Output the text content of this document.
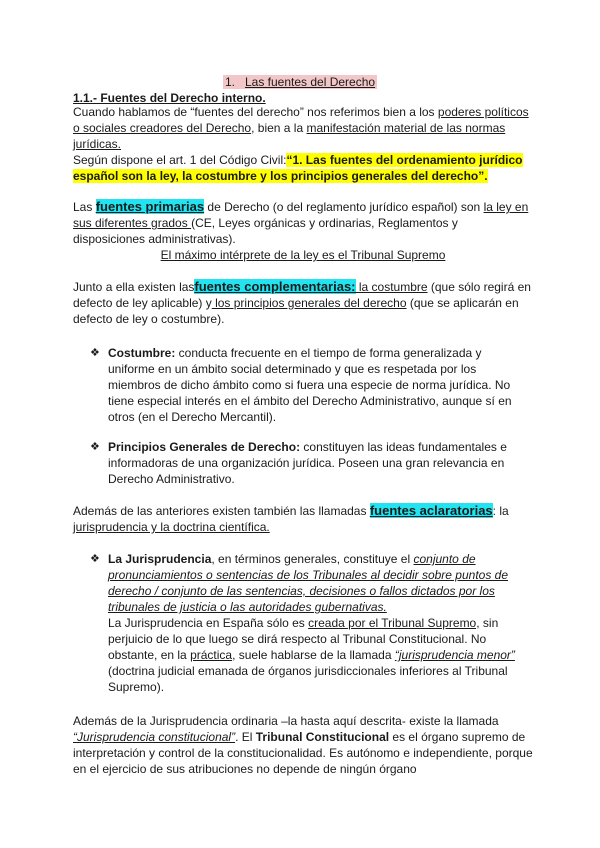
1. Las fuentes del Derecho
1.1.- Fuentes del Derecho interno.

Cuando hablamos de “fuentes del derecho” nos referimos bien a los poderes políticos o sociales creadores del Derecho, bien a la manifestación material de las normas jurídicas.

Según dispone el art. 1 del Código Civil:“1. Las fuentes del ordenamiento jurídico español son la ley, la costumbre y los principios generales del derecho”.

Las fuentes primarias de Derecho (o del reglamento jurídico español) son la ley en sus diferentes grados (CE, Leyes orgánicas y ordinarias, Reglamentos y disposiciones administrativas).

El máximo intérprete de la ley es el Tribunal Supremo

Junto a ella existen lasfuentes complementarias: la costumbre (que sólo regirá en defecto de ley aplicable) y los principios generales del derecho (que se aplicarán en defecto de ley o costumbre).

❖ Costumbre: conducta frecuente en el tiempo de forma generalizada y uniforme en un ámbito social determinado y que es respetada por los miembros de dicho ámbito como si fuera una especie de norma jurídica. No tiene especial interés en el ámbito del Derecho Administrativo, aunque sí en otros (en el Derecho Mercantil).

❖ Principios Generales de Derecho: constituyen las ideas fundamentales e informadoras de una organización jurídica. Poseen una gran relevancia en Derecho Administrativo.

Además de las anteriores existen también las llamadas fuentes aclaratorias: la jurisprudencia y la doctrina científica.

❖ La Jurisprudencia, en términos generales, constituye el conjunto de pronunciamientos o sentencias de los Tribunales al decidir sobre puntos de derecho / conjunto de las sentencias, decisiones o fallos dictados por los tribunales de justicia o las autoridades gubernativas.

La Jurisprudencia en España sólo es creada por el Tribunal Supremo, sin perjuicio de lo que luego se dirá respecto al Tribunal Constitucional. No obstante, en la práctica, suele hablarse de la llamada “jurisprudencia menor” (doctrina judicial emanada de órganos jurisdiccionales inferiores al Tribunal Supremo).

Además de la Jurisprudencia ordinaria –la hasta aquí descrita- existe la llamada “Jurisprudencia constitucional”. El Tribunal Constitucional es el órgano supremo de interpretación y control de la constitucionalidad. Es autónomo e independiente, porque en el ejercicio de sus atribuciones no depende de ningún órgano
